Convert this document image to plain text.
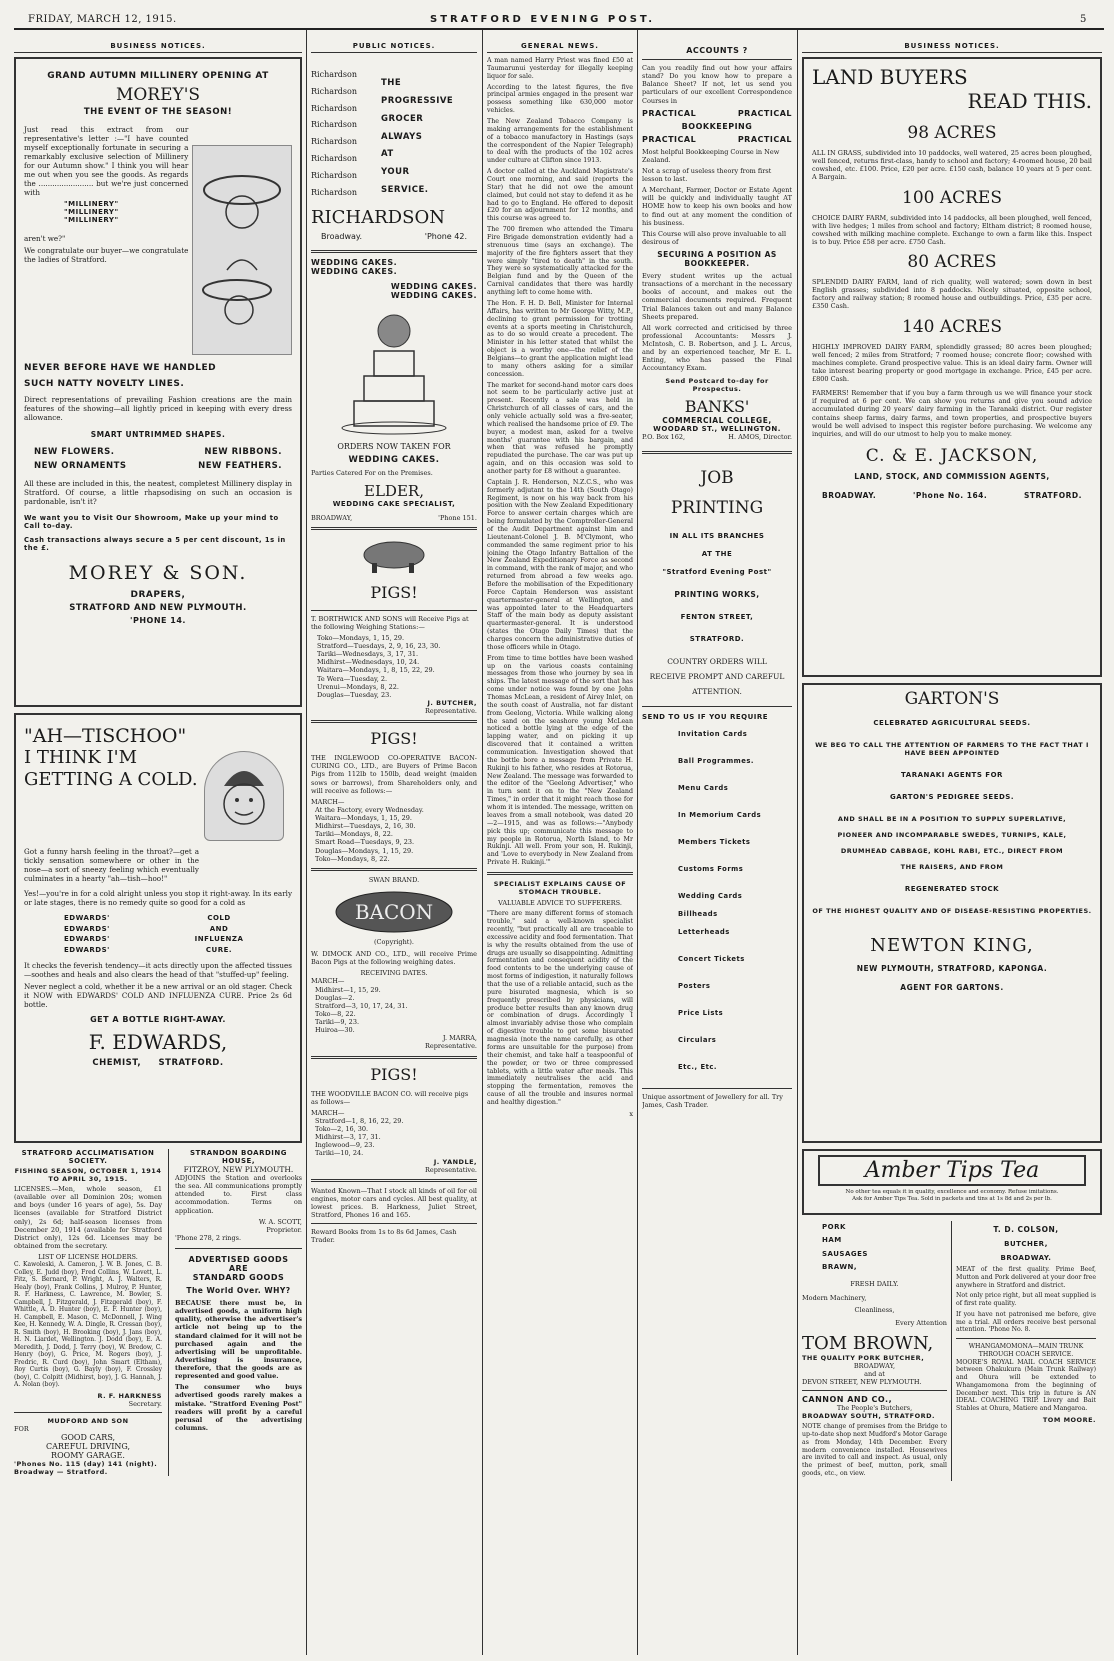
FRIDAY, MARCH 12, 1915.	STRATFORD EVENING POST.	5
BUSINESS NOTICES.
GRAND AUTUMN MILLINERY OPENING AT
MOREY'S
THE EVENT OF THE SEASON!

Just read this extract from our representative's letter :—"I have counted myself exceptionally fortunate in securing a remarkably exclusive selection of Millinery for our Autumn show." I think you will hear me out when you see the goods. As regards the ........................ but we're just concerned with

"MILLINERY"
"MILLINERY"
"MILLINERY"

aren't we?"

We congratulate our buyer—we congratulate the ladies of Stratford.

NEVER BEFORE HAVE WE HANDLED
SUCH NATTY NOVELTY LINES.

Direct representations of prevailing Fashion creations are the main features of the showing—all lightly priced in keeping with every dress allowance.

SMART UNTRIMMED SHAPES.
NEW FLOWERS.	NEW RIBBONS.
NEW ORNAMENTS	NEW FEATHERS.

All these are included in this, the neatest, completest Millinery display in Stratford. Of course, a little rhapsodising on such an occasion is pardonable, isn't it?

We want you to Visit Our Showroom, Make up your mind to Call to-day.
Cash transactions always secure a 5 per cent discount, 1s in the £.
MOREY & SON.
DRAPERS,
STRATFORD AND NEW PLYMOUTH.
'PHONE 14.
"AH—TISCHOO"
I THINK I'M GETTING A COLD.

Got a funny harsh feeling in the throat?—get a tickly sensation somewhere or other in the nose—a sort of sneezy feeling which eventually culminates in a hearty "ah—tish—hoo!"

Yes!—you're in for a cold alright unless you stop it right-away. In its early or late stages, there is no remedy quite so good for a cold as

EDWARDS'
EDWARDS'
EDWARDS'
EDWARDS'
COLD
AND
INFLUENZA
CURE.

It checks the feverish tendency—it acts directly upon the affected tissues—soothes and heals and also clears the head of that "stuffed-up" feeling.

Never neglect a cold, whether it be a new arrival or an old stager. Check it NOW with EDWARDS' COLD AND INFLUENZA CURE. Price 2s 6d bottle.

GET A BOTTLE RIGHT-AWAY.
F. EDWARDS,
CHEMIST, STRATFORD.
STRATFORD ACCLIMATISATION SOCIETY.
FISHING SEASON, OCTOBER 1, 1914 TO APRIL 30, 1915.

LICENSES.—Men, whole season, £1 (available over all Dominion 20s; women and boys (under 16 years of age), 5s. Day licenses (available for Stratford District only), 2s 6d; half-season licenses from December 20, 1914 (available for Stratford District only), 12s 6d. Licenses may be obtained from the secretary.

LIST OF LICENSE HOLDERS.

C. Kawoleski, A. Cameron, J. W. B. Jones, C. B. Colley, E. Judd (boy), Fred Collins, W. Lovett, L. Fitz, S. Bernard, P. Wright, A. J. Walters, R. Healy (boy), Frank Collins, J. Mulroy, P. Hunter, R. F. Harkness, C. Lawrence, M. Bowler, S. Campbell, J. Fitzgerald, J. Fitzgerald (boy), F. Whittle, A. D. Hunter (boy), E. F. Hunter (boy), H. Campbell, E. Mason, C. McDonnell, J. Wing Kee, H. Kennedy, W. A. Dingle, R. Cressan (boy), R. Smith (boy), H. Brooking (boy), J. Jans (boy), H. N. Liardet, Wellington. J. Dodd (boy), E. A. Meredith, J. Dodd, J. Terry (boy), W. Bredow, C. Henry (boy), G. Price, M. Rogers (boy), J. Fredric, R. Curd (boy), John Smart (Eltham), Roy Curtis (boy), G. Bayly (boy), F. Crossley (boy), C. Colpitt (Midhirst, boy), J. G. Hannah, J. A. Nolan (boy).

R. F. HARKNESS
Secretary.
MUDFORD AND SON
FOR
GOOD CARS,
CAREFUL DRIVING,
ROOMY GARAGE.
'Phones No. 115 (day) 141 (night).
Broadway — Stratford.
STRANDON BOARDING HOUSE,
FITZROY, NEW PLYMOUTH.

ADJOINS the Station and overlooks the sea. All communications promptly attended to. First class accommodation. Terms on application.

W. A. SCOTT,
Proprietor.
'Phone 278, 2 rings.
ADVERTISED GOODS
ARE
STANDARD GOODS
The World Over. WHY?

BECAUSE there must be, in advertised goods, a uniform high quality, otherwise the advertiser's article not being up to the standard claimed for it will not be purchased again and the advertising will be unprofitable. Advertising is insurance, therefore, that the goods are as represented and good value.

The consumer who buys advertised goods rarely makes a mistake. "Stratford Evening Post" readers will profit by a careful perusal of the advertising columns.

PUBLIC NOTICES.
Richardson
Richardson
Richardson
Richardson
Richardson
Richardson
Richardson
Richardson
THE
PROGRESSIVE
GROCER
ALWAYS
AT
YOUR
SERVICE.
RICHARDSON
Broadway.	'Phone 42.
WEDDING CAKES.
WEDDING CAKES.
WEDDING CAKES.
WEDDING CAKES.
ORDERS NOW TAKEN FOR
WEDDING CAKES.
Parties Catered For on the Premises.
ELDER,
WEDDING CAKE SPECIALIST,
BROADWAY,	'Phone 151.
PIGS!

T. BORTHWICK AND SONS will Receive Pigs at the following Weighing Stations:—

Toko—Mondays, 1, 15, 29.
Stratford—Tuesdays, 2, 9, 16, 23, 30.
Tariki—Wednesdays, 3, 17, 31.
Midhirst—Wednesdays, 10, 24.
Waitara—Mondays, 1, 8, 15, 22, 29.
Te Wera—Tuesday, 2.
Urenui—Mondays, 8, 22.
Douglas—Tuesday, 23.
J. BUTCHER,
Representative.
PIGS!

THE INGLEWOOD CO-OPERATIVE BACON-CURING CO., LTD., are Buyers of Prime Bacon Pigs from 112lb to 150lb, dead weight (maiden sows or barrows), from Shareholders only, and will receive as follows:—

MARCH—
At the Factory, every Wednesday.
Waitara—Mondays, 1, 15, 29.
Midhirst—Tuesdays, 2, 16, 30.
Tariki—Mondays, 8, 22.
Smart Road—Tuesdays, 9, 23.
Douglas—Mondays, 1, 15, 29.
Toko—Mondays, 8, 22.
SWAN BRAND.
BACON
(Copyright).

W. DIMOCK AND CO., LTD., will receive Prime Bacon Pigs at the following weighing dates.

RECEIVING DATES.
MARCH—
Midhirst—1, 15, 29.
Douglas—2.
Stratford—3, 10, 17, 24, 31.
Toko—8, 22.
Tariki—9, 23.
Huiroa—30.
J. MARRA,
Representative.
PIGS!

THE WOODVILLE BACON CO. will receive pigs as follows—

MARCH—
Stratford—1, 8, 16, 22, 29.
Toko—2, 16, 30.
Midhirst—3, 17, 31.
Inglewood—9, 23.
Tariki—10, 24.
J. YANDLE,
Representative.

Wanted Known—That I stock all kinds of oil for oil engines, motor cars and cycles. All best quality, at lowest prices. B. Harkness, Juliet Street, Stratford, Phones 16 and 165.

Reward Books from 1s to 8s 6d James, Cash Trader.

GENERAL NEWS.

A man named Harry Priest was fined £50 at Taumarunui yesterday for illegally keeping liquor for sale.

According to the latest figures, the five principal armies engaged in the present war possess something like 630,000 motor vehicles.

The New Zealand Tobacco Company is making arrangements for the establishment of a tobacco manufactory in Hastings (says the correspondent of the Napier Telegraph) to deal with the products of the 102 acres under culture at Clifton since 1913.

A doctor called at the Auckland Magistrate's Court one morning, and said (reports the Star) that he did not owe the amount claimed, but could not stay to defend it as he had to go to England. He offered to deposit £20 for an adjournment for 12 months, and this course was agreed to.

The 700 firemen who attended the Timaru Fire Brigade demonstration evidently had a strenuous time (says an exchange). The majority of the fire fighters assert that they were simply "tired to death" in the south. They were so systematically attacked for the Belgian fund and by the Queen of the Carnival candidates that there was hardly anything left to come home with.

The Hon. F. H. D. Bell, Minister for Internal Affairs, has written to Mr George Witty, M.P., declining to grant permission for trotting events at a sports meeting in Christchurch, as to do so would create a precedent. The Minister in his letter stated that whilst the object is a worthy one—the relief of the Belgians—to grant the application might lead to many others asking for a similar concession.

The market for second-hand motor cars does not seem to be particularly active just at present. Recently a sale was held in Christchurch of all classes of cars, and the only vehicle actually sold was a five-seater, which realised the handsome price of £9. The buyer, a modest man, asked for a twelve months' guarantee with his bargain, and when that was refused he promptly repudiated the purchase. The car was put up again, and on this occasion was sold to another party for £8 without a guarantee.

Captain J. R. Henderson, N.Z.C.S., who was formerly adjutant to the 14th (South Otago) Regiment, is now on his way back from his position with the New Zealand Expeditionary Force to answer certain charges which are being formulated by the Comptroller-General of the Audit Department against him and Lieutenant-Colonel J. B. M'Clymont, who commanded the same regiment prior to his joining the Otago Infantry Battalion of the New Zealand Expeditionary Force as second in command, with the rank of major, and who returned from abroad a few weeks ago. Before the mobilisation of the Expeditionary Force Captain Henderson was assistant quartermaster-general at Wellington, and was appointed later to the Headquarters Staff of the main body as deputy assistant quartermaster-general. It is understood (states the Otago Daily Times) that the charges concern the administrative duties of those officers while in Otago.

From time to time bottles have been washed up on the various coasts containing messages from those who journey by sea in ships. The latest message of the sort that has come under notice was found by one John Thomas McLean, a resident of Airey Inlet, on the south coast of Australia, not far distant from Geelong, Victoria. While walking along the sand on the seashore young McLean noticed a bottle lying at the edge of the lapping water, and on picking it up discovered that it contained a written communication. Investigation showed that the bottle bore a message from Private H. Rukinji to his father, who resides at Rotorua, New Zealand. The message was forwarded to the editor of the "Geelong Advertiser," who in turn sent it on to the "New Zealand Times," in order that it might reach those for whom it is intended. The message, written on leaves from a small notebook, was dated 20—2—1915, and was as follows:—"Anybody pick this up; communicate this message to my people in Rotorua, North Island, to Mr Rukinji. All well. From your son, H. Rukinji, and 'Love to everybody in New Zealand from Private H. Rukinji.'"

SPECIALIST EXPLAINS CAUSE OF STOMACH TROUBLE.
VALUABLE ADVICE TO SUFFERERS.

"There are many different forms of stomach trouble," said a well-known specialist recently, "but practically all are traceable to excessive acidity and food fermentation. That is why the results obtained from the use of drugs are usually so disappointing. Admitting fermentation and consequent acidity of the food contents to be the underlying cause of most forms of indigestion, it naturally follows that the use of a reliable antacid, such as the pure bisurated magnesia, which is so frequently prescribed by physicians, will produce better results than any known drug or combination of drugs. Accordingly I almost invariably advise those who complain of digestive trouble to get some bisurated magnesia (note the name carefully, as other forms are unsuitable for the purpose) from their chemist, and take half a teaspoonful of the powder, or two or three compressed tablets, with a little water after meals. This immediately neutralises the acid and stopping the fermentation, removes the cause of all the trouble and insures normal and healthy digestion."

x
ACCOUNTS ?

Can you readily find out how your affairs stand? Do you know how to prepare a Balance Sheet? If not, let us send you particulars of our excellent Correspondence Courses in

PRACTICAL	PRACTICAL
BOOKKEEPING
PRACTICAL	PRACTICAL

Most helpful Bookkeeping Course in New Zealand.

Not a scrap of useless theory from first lesson to last.

A Merchant, Farmer, Doctor or Estate Agent will be quickly and individually taught AT HOME how to keep his own books and how to find out at any moment the condition of his business.

This Course will also prove invaluable to all desirous of

SECURING A POSITION AS BOOKKEEPER.

Every student writes up the actual transactions of a merchant in the necessary books of account, and makes out the commercial documents required. Frequent Trial Balances taken out and many Balance Sheets prepared.

All work corrected and criticised by three professional Accountants: Messrs J. McIntosh, C. B. Robertson, and J. L. Arcus, and by an experienced teacher, Mr E. L. Enting, who has passed the Final Accountancy Exam.

Send Postcard to-day for Prospectus.
BANKS'
COMMERCIAL COLLEGE,
WOODARD ST., WELLINGTON.
P.O. Box 162,	H. AMOS, Director.
JOB
PRINTING
IN ALL ITS BRANCHES
AT THE
"Stratford Evening Post"
PRINTING WORKS,
FENTON STREET,
STRATFORD.
COUNTRY ORDERS WILL
RECEIVE PROMPT AND CAREFUL
ATTENTION.
SEND TO US IF YOU REQUIRE
Invitation Cards
Ball Programmes.
Menu Cards
In Memorium Cards
Members Tickets
Customs Forms
Wedding Cards
Billheads
Letterheads
Concert Tickets
Posters
Price Lists
Circulars
Etc., Etc.

Unique assortment of Jewellery for all. Try James, Cash Trader.

BUSINESS NOTICES.
LAND BUYERS
READ THIS.
98 ACRES

ALL IN GRASS, subdivided into 10 paddocks, well watered, 25 acres been ploughed, well fenced, returns first-class, handy to school and factory; 4-roomed house, 20 bail cowshed, etc. £100. Price, £20 per acre. £150 cash, balance 10 years at 5 per cent. A Bargain.

100 ACRES

CHOICE DAIRY FARM, subdivided into 14 paddocks, all been ploughed, well fenced, with live hedges; 1 miles from school and factory; Eltham district; 8 roomed house, cowshed with milking machine complete. Exchange to own a farm like this. Inspect is to buy. Price £58 per acre. £750 Cash.

80 ACRES

SPLENDID DAIRY FARM, land of rich quality, well watered; sown down in best English grasses; subdivided into 8 paddocks. Nicely situated, opposite school, factory and railway station; 8 roomed house and outbuildings. Price, £35 per acre. £350 Cash.

140 ACRES

HIGHLY IMPROVED DAIRY FARM, splendidly grassed; 80 acres been ploughed; well fenced; 2 miles from Stratford; 7 roomed house; concrete floor; cowshed with machines complete. Grand prospective value. This is an ideal dairy farm. Owner will take interest bearing property or good mortgage in exchange. Price, £45 per acre. £800 Cash.

FARMERS! Remember that if you buy a farm through us we will finance your stock if required at 6 per cent. We can show you returns and give you sound advice accumulated during 20 years' dairy farming in the Taranaki district. Our register contains sheep farms, dairy farms, and town properties, and prospective buyers would be well advised to inspect this register before purchasing. We welcome any inquiries, and will do our utmost to help you to make money.

C. & E. JACKSON,
LAND, STOCK, AND COMMISSION AGENTS,
BROADWAY.	'Phone No. 164.	STRATFORD.
GARTON'S
CELEBRATED AGRICULTURAL SEEDS.
WE BEG TO CALL THE ATTENTION OF FARMERS TO THE FACT THAT I HAVE BEEN APPOINTED
TARANAKI AGENTS FOR
GARTON'S PEDIGREE SEEDS.
AND SHALL BE IN A POSITION TO SUPPLY SUPERLATIVE,
PIONEER AND INCOMPARABLE SWEDES, TURNIPS, KALE,
DRUMHEAD CABBAGE, KOHL RABI, ETC., DIRECT FROM
THE RAISERS, AND FROM
REGENERATED STOCK
OF THE HIGHEST QUALITY AND OF DISEASE-RESISTING PROPERTIES.
NEWTON KING,
NEW PLYMOUTH, STRATFORD, KAPONGA.
AGENT FOR GARTONS.
Amber Tips Tea
No other tea equals it in quality, excellence and economy. Refuse imitations.
Ask for Amber Tips Tea. Sold in packets and tins at 1s 8d and 2s per lb.
PORK
HAM
SAUSAGES
BRAWN,
FRESH DAILY.
Modern Machinery,
Cleanliness,
Every Attention
TOM BROWN,
THE QUALITY PORK BUTCHER,
BROADWAY,
and at
DEVON STREET, NEW PLYMOUTH.
CANNON AND CO.,
The People's Butchers,
BROADWAY SOUTH, STRATFORD.

NOTE change of premises from the Bridge to up-to-date shop next Mudford's Motor Garage as from Monday, 14th December. Every modern convenience installed. Housewives are invited to call and inspect. As usual, only the primest of beef, mutton, pork, small goods, etc., on view.

T. D. COLSON,
BUTCHER,
BROADWAY.

MEAT of the first quality. Prime Beef, Mutton and Pork delivered at your door free anywhere in Stratford and district.

Not only price right, but all meat supplied is of first rate quality.

If you have not patronised me before, give me a trial. All orders receive best personal attention. 'Phone No. 8.

WHANGAMOMONA—MAIN TRUNK THROUGH COACH SERVICE.

MOORE'S ROYAL MAIL COACH SERVICE between Ohakukura (Main Trunk Railway) and Ohura will be extended to Whangamomona from the beginning of December next. This trip in future is AN IDEAL COACHING TRIP. Livery and Bait Stables at Ohura, Matiere and Mangaroa.

TOM MOORE.
